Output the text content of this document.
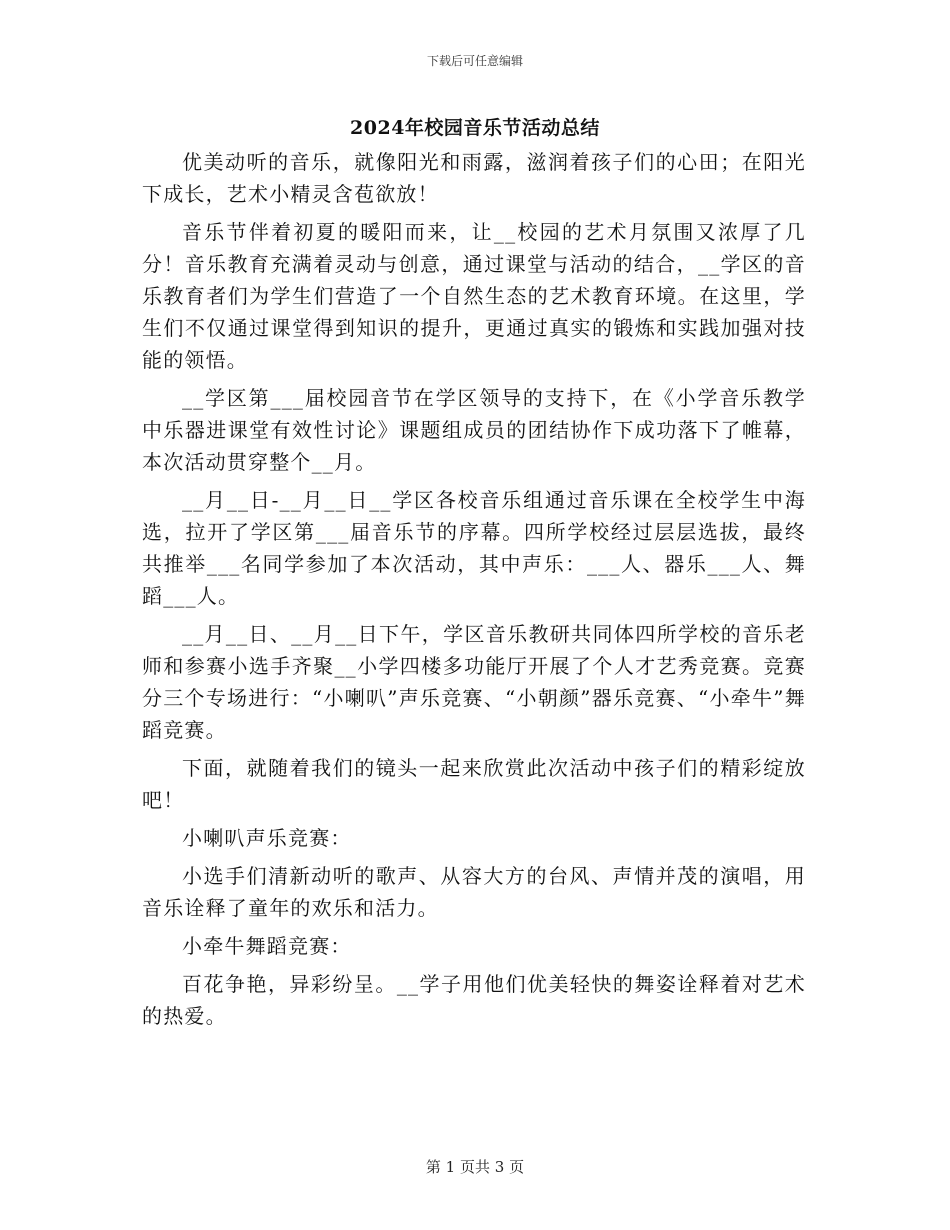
下载后可任意编辑
2024年校园音乐节活动总结

优美动听的音乐，就像阳光和雨露，滋润着孩子们的心田；在阳光下成长，艺术小精灵含苞欲放！

音乐节伴着初夏的暖阳而来，让__校园的艺术月氛围又浓厚了几分！音乐教育充满着灵动与创意，通过课堂与活动的结合，__学区的音乐教育者们为学生们营造了一个自然生态的艺术教育环境。在这里，学生们不仅通过课堂得到知识的提升，更通过真实的锻炼和实践加强对技能的领悟。

__学区第___届校园音节在学区领导的支持下，在《小学音乐教学中乐器进课堂有效性讨论》课题组成员的团结协作下成功落下了帷幕，本次活动贯穿整个__月。

__月__日-__月__日__学区各校音乐组通过音乐课在全校学生中海选，拉开了学区第___届音乐节的序幕。四所学校经过层层选拔，最终共推举___名同学参加了本次活动，其中声乐：___人、器乐___人、舞蹈___人。

__月__日、__月__日下午，学区音乐教研共同体四所学校的音乐老师和参赛小选手齐聚__小学四楼多功能厅开展了个人才艺秀竞赛。竞赛分三个专场进行：“小喇叭”声乐竞赛、“小朝颜”器乐竞赛、“小牵牛”舞蹈竞赛。

下面，就随着我们的镜头一起来欣赏此次活动中孩子们的精彩绽放吧！

小喇叭声乐竞赛：

小选手们清新动听的歌声、从容大方的台风、声情并茂的演唱，用音乐诠释了童年的欢乐和活力。

小牵牛舞蹈竞赛：

百花争艳，异彩纷呈。__学子用他们优美轻快的舞姿诠释着对艺术的热爱。

第 1 页共 3 页
